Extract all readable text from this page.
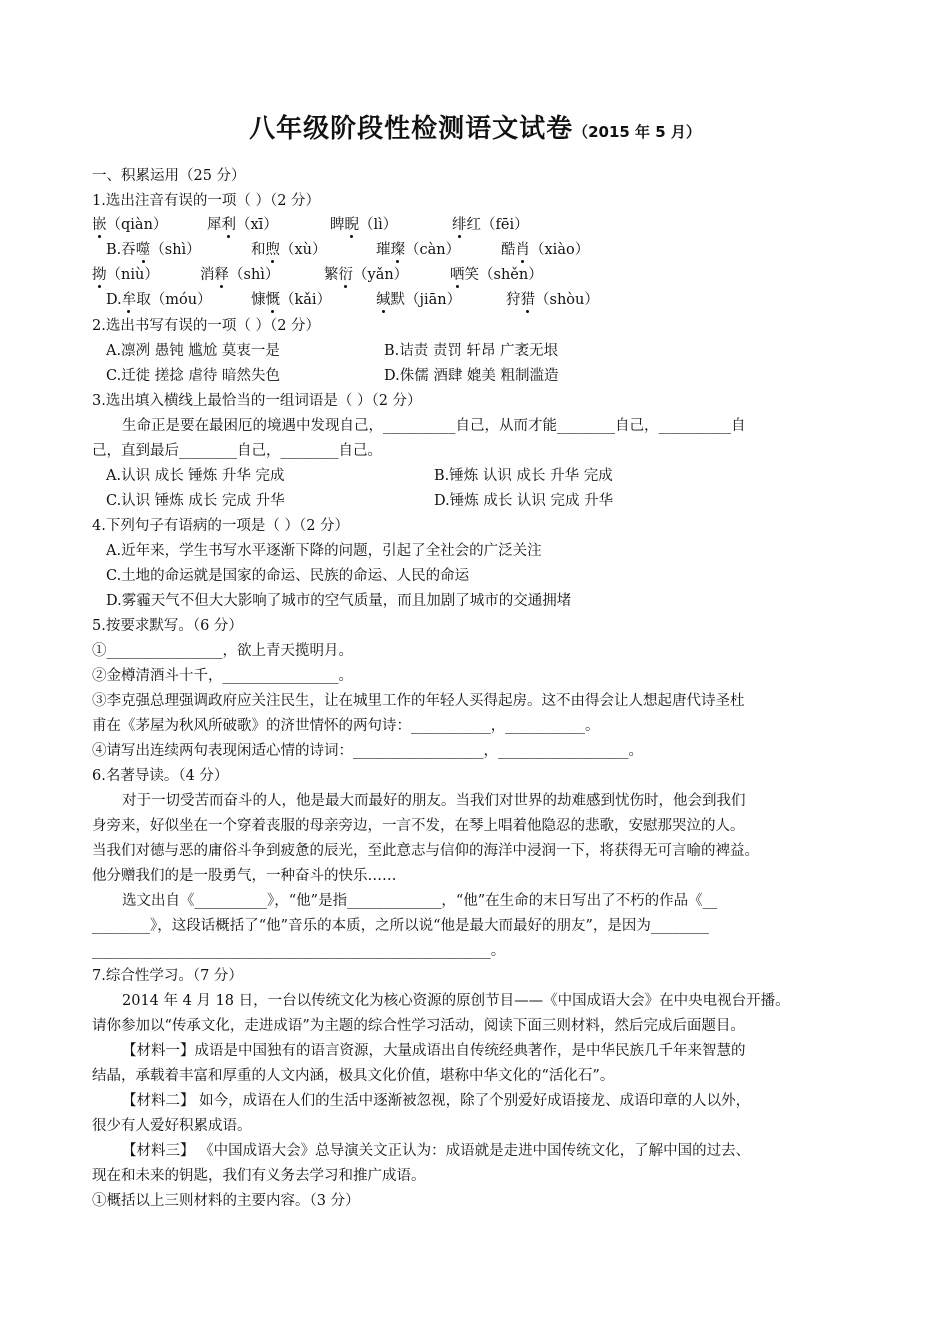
八年级阶段性检测语文试卷（2015 年 5 月）
一、积累运用（25 分）
1.选出注音有误的一项（ ）（2 分）
嵌（qiàn）	犀利（xī）	睥睨（lì）	绯红（fēi）
B.吞噬（shì）	和煦（xù）	璀璨（càn）	酷肖（xiào）
拗（niù）	消释（shì）	繁衍（yǎn）	哂笑（shěn）
D.牟取（móu）	慷慨（kǎi）	缄默（jiān）	狩猎（shòu）
2.选出书写有误的一项（ ）（2 分）
A.凛冽 愚钝 尴尬 莫衷一是	B.诘责 责罚 轩昂 广袤无垠
C.迁徙 搓捻 虐待 暗然失色	D.侏儒 酒肆 媲美 粗制滥造
3.选出填入横线上最恰当的一组词语是（ ）（2 分）
生命正是要在最困厄的境遇中发现自己，__________自己，从而才能________自己，__________自
己，直到最后________自己，________自己。
A.认识 成长 锤炼 升华 完成	B.锤炼 认识 成长 升华 完成
C.认识 锤炼 成长 完成 升华	D.锤炼 成长 认识 完成 升华
4.下列句子有语病的一项是（ ）（2 分）
A.近年来，学生书写水平逐渐下降的问题，引起了全社会的广泛关注
C.土地的命运就是国家的命运、民族的命运、人民的命运
D.雾霾天气不但大大影响了城市的空气质量，而且加剧了城市的交通拥堵
5.按要求默写。（6 分）
①________________，欲上青天揽明月。
②金樽清酒斗十千，________________。
③李克强总理强调政府应关注民生，让在城里工作的年轻人买得起房。这不由得会让人想起唐代诗圣杜
甫在《茅屋为秋风所破歌》的济世情怀的两句诗：___________，___________。
④请写出连续两句表现闲适心情的诗词：__________________，__________________。
6.名著导读。（4 分）
对于一切受苦而奋斗的人，他是最大而最好的朋友。当我们对世界的劫难感到忧伤时，他会到我们
身旁来，好似坐在一个穿着丧服的母亲旁边，一言不发，在琴上唱着他隐忍的悲歌，安慰那哭泣的人。
当我们对德与恶的庸俗斗争到疲惫的辰光，至此意志与信仰的海洋中浸润一下，将获得无可言喻的裨益。
他分赠我们的是一股勇气，一种奋斗的快乐……
选文出自《__________》，“他”是指_____________，“他”在生命的末日写出了不朽的作品《__
________》，这段话概括了“他”音乐的本质，之所以说“他是最大而最好的朋友”，是因为________
_______________________________________________________。
7.综合性学习。（7 分）
2014 年 4 月 18 日，一台以传统文化为核心资源的原创节目——《中国成语大会》在中央电视台开播。
请你参加以“传承文化，走进成语”为主题的综合性学习活动，阅读下面三则材料，然后完成后面题目。
【材料一】成语是中国独有的语言资源，大量成语出自传统经典著作，是中华民族几千年来智慧的
结晶，承载着丰富和厚重的人文内涵，极具文化价值，堪称中华文化的“活化石”。
【材料二】 如今，成语在人们的生活中逐渐被忽视，除了个别爱好成语接龙、成语印章的人以外，
很少有人爱好积累成语。
【材料三】 《中国成语大会》总导演关文正认为：成语就是走进中国传统文化，了解中国的过去、
现在和未来的钥匙，我们有义务去学习和推广成语。
①概括以上三则材料的主要内容。（3 分）
